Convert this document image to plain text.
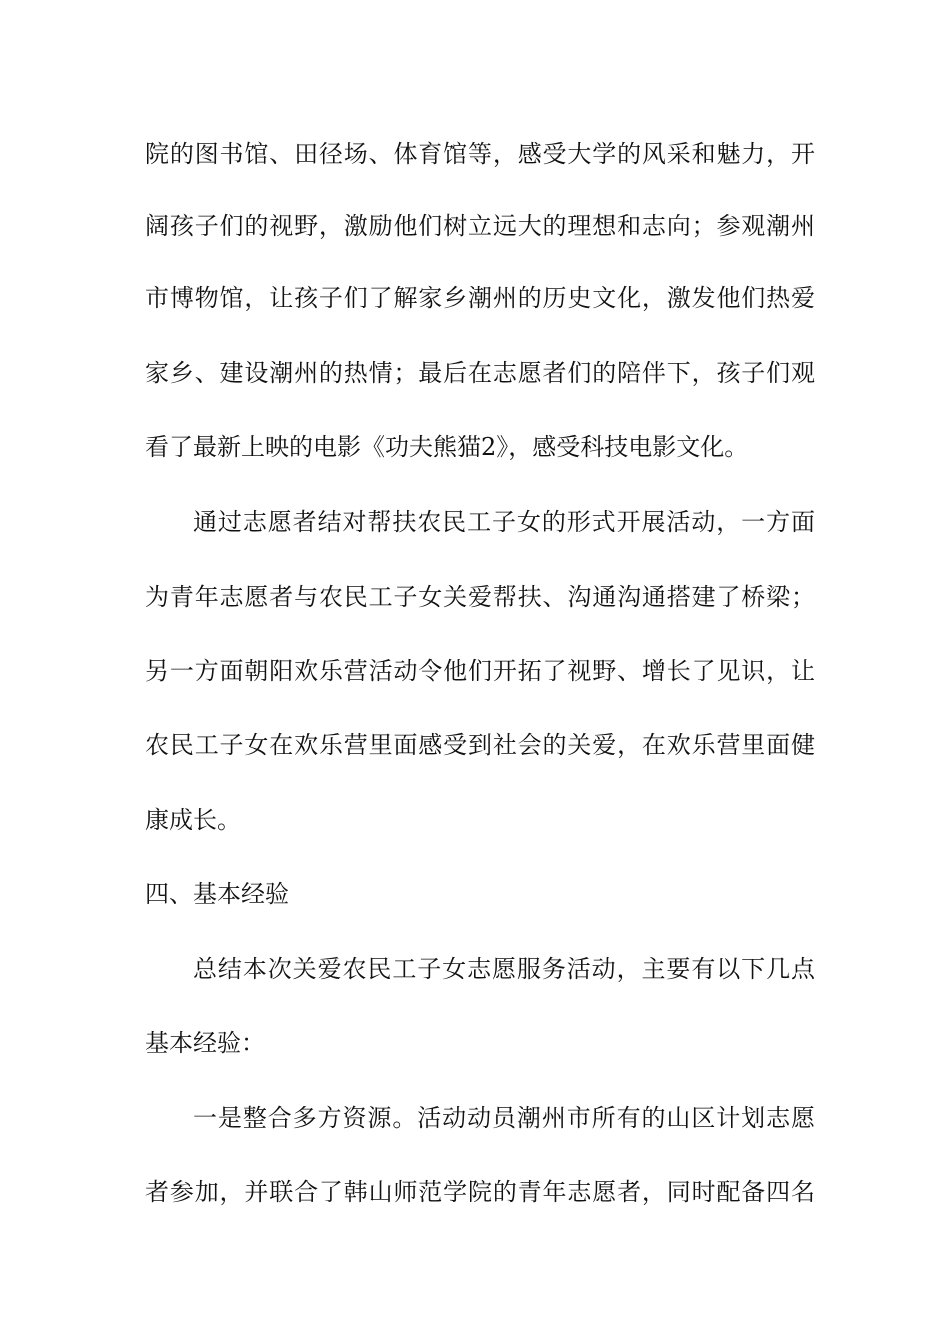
院的图书馆、田径场、体育馆等，感受大学的风采和魅力，开
阔孩子们的视野，激励他们树立远大的理想和志向；参观潮州
市博物馆，让孩子们了解家乡潮州的历史文化，激发他们热爱
家乡、建设潮州的热情；最后在志愿者们的陪伴下，孩子们观
看了最新上映的电影《功夫熊猫2》，感受科技电影文化。
通过志愿者结对帮扶农民工子女的形式开展活动，一方面
为青年志愿者与农民工子女关爱帮扶、沟通沟通搭建了桥梁；
另一方面朝阳欢乐营活动令他们开拓了视野、增长了见识，让
农民工子女在欢乐营里面感受到社会的关爱，在欢乐营里面健
康成长。
四、基本经验
总结本次关爱农民工子女志愿服务活动，主要有以下几点
基本经验：
一是整合多方资源。活动动员潮州市所有的山区计划志愿
者参加，并联合了韩山师范学院的青年志愿者，同时配备四名
